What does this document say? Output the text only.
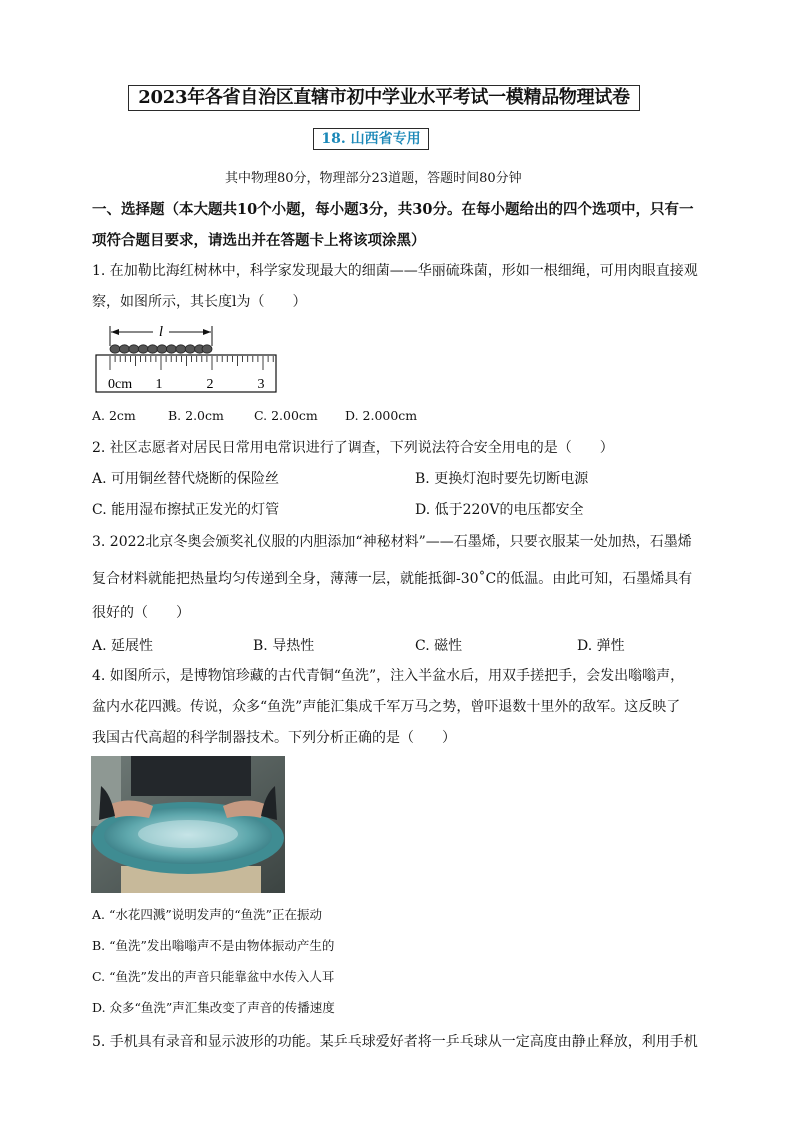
2023年各省自治区直辖市初中学业水平考试一模精品物理试卷
18. 山西省专用
其中物理80分，物理部分23道题，答题时间80分钟
一、选择题（本大题共10个小题，每小题3分，共30分。在每小题给出的四个选项中，只有一
项符合题目要求，请选出并在答题卡上将该项涂黑）
1. 在加勒比海红树林中，科学家发现最大的细菌——华丽硫珠菌，形如一根细绳，可用肉眼直接观
察，如图所示，其长度l为（　　）
l
0cm 1	2	3
A. 2cm	B. 2.0cm C. 2.00cm D. 2.000cm
2. 社区志愿者对居民日常用电常识进行了调查，下列说法符合安全用电的是（　　）
A. 可用铜丝替代烧断的保险丝	B. 更换灯泡时要先切断电源
C. 能用湿布擦拭正发光的灯管	D. 低于220V的电压都安全
3. 2022北京冬奥会颁奖礼仪服的内胆添加“神秘材料”——石墨烯，只要衣服某一处加热，石墨烯
复合材料就能把热量均匀传递到全身，薄薄一层，就能抵御-30˚C的低温。由此可知，石墨烯具有
很好的（　　）
A. 延展性	B. 导热性	C. 磁性	D. 弹性
4. 如图所示，是博物馆珍藏的古代青铜“鱼洗”，注入半盆水后，用双手搓把手，会发出嗡嗡声，
盆内水花四溅。传说，众多“鱼洗”声能汇集成千军万马之势，曾吓退数十里外的敌军。这反映了
我国古代高超的科学制器技术。下列分析正确的是（　　）
A. “水花四溅”说明发声的“鱼洗”正在振动
B. “鱼洗”发出嗡嗡声不是由物体振动产生的
C. “鱼洗”发出的声音只能靠盆中水传入人耳
D. 众多“鱼洗”声汇集改变了声音的传播速度
5. 手机具有录音和显示波形的功能。某乒乓球爱好者将一乒乓球从一定高度由静止释放，利用手机
